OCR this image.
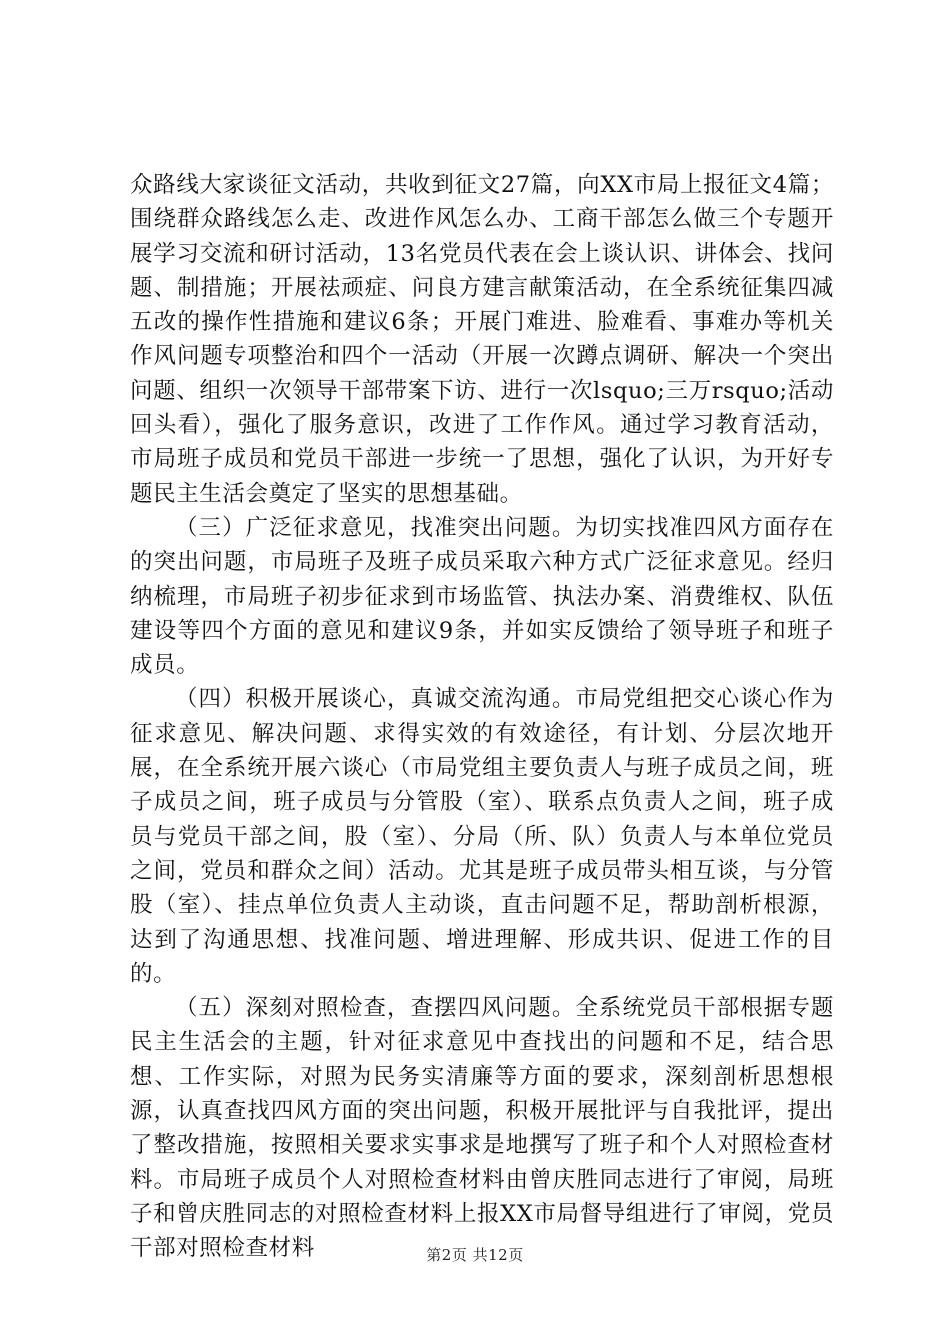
众路线大家谈征文活动，共收到征文27篇，向XX市局上报征文4篇；围绕群众路线怎么走、改进作风怎么办、工商干部怎么做三个专题开展学习交流和研讨活动，13名党员代表在会上谈认识、讲体会、找问题、制措施；开展祛顽症、问良方建言献策活动，在全系统征集四减五改的操作性措施和建议6条；开展门难进、脸难看、事难办等机关作风问题专项整治和四个一活动（开展一次蹲点调研、解决一个突出问题、组织一次领导干部带案下访、进行一次lsquo;三万rsquo;活动回头看），强化了服务意识，改进了工作作风。通过学习教育活动，市局班子成员和党员干部进一步统一了思想，强化了认识，为开好专题民主生活会奠定了坚实的思想基础。

（三）广泛征求意见，找准突出问题。为切实找准四风方面存在的突出问题，市局班子及班子成员采取六种方式广泛征求意见。经归纳梳理，市局班子初步征求到市场监管、执法办案、消费维权、队伍建设等四个方面的意见和建议9条，并如实反馈给了领导班子和班子成员。

（四）积极开展谈心，真诚交流沟通。市局党组把交心谈心作为征求意见、解决问题、求得实效的有效途径，有计划、分层次地开展，在全系统开展六谈心（市局党组主要负责人与班子成员之间，班子成员之间，班子成员与分管股（室）、联系点负责人之间，班子成员与党员干部之间，股（室）、分局（所、队）负责人与本单位党员之间，党员和群众之间）活动。尤其是班子成员带头相互谈，与分管股（室）、挂点单位负责人主动谈，直击问题不足，帮助剖析根源，达到了沟通思想、找准问题、增进理解、形成共识、促进工作的目的。

（五）深刻对照检查，查摆四风问题。全系统党员干部根据专题民主生活会的主题，针对征求意见中查找出的问题和不足，结合思想、工作实际，对照为民务实清廉等方面的要求，深刻剖析思想根源，认真查找四风方面的突出问题，积极开展批评与自我批评，提出了整改措施，按照相关要求实事求是地撰写了班子和个人对照检查材料。市局班子成员个人对照检查材料由曾庆胜同志进行了审阅，局班子和曾庆胜同志的对照检查材料上报XX市局督导组进行了审阅，党员干部对照检查材料	第2页 共12页
